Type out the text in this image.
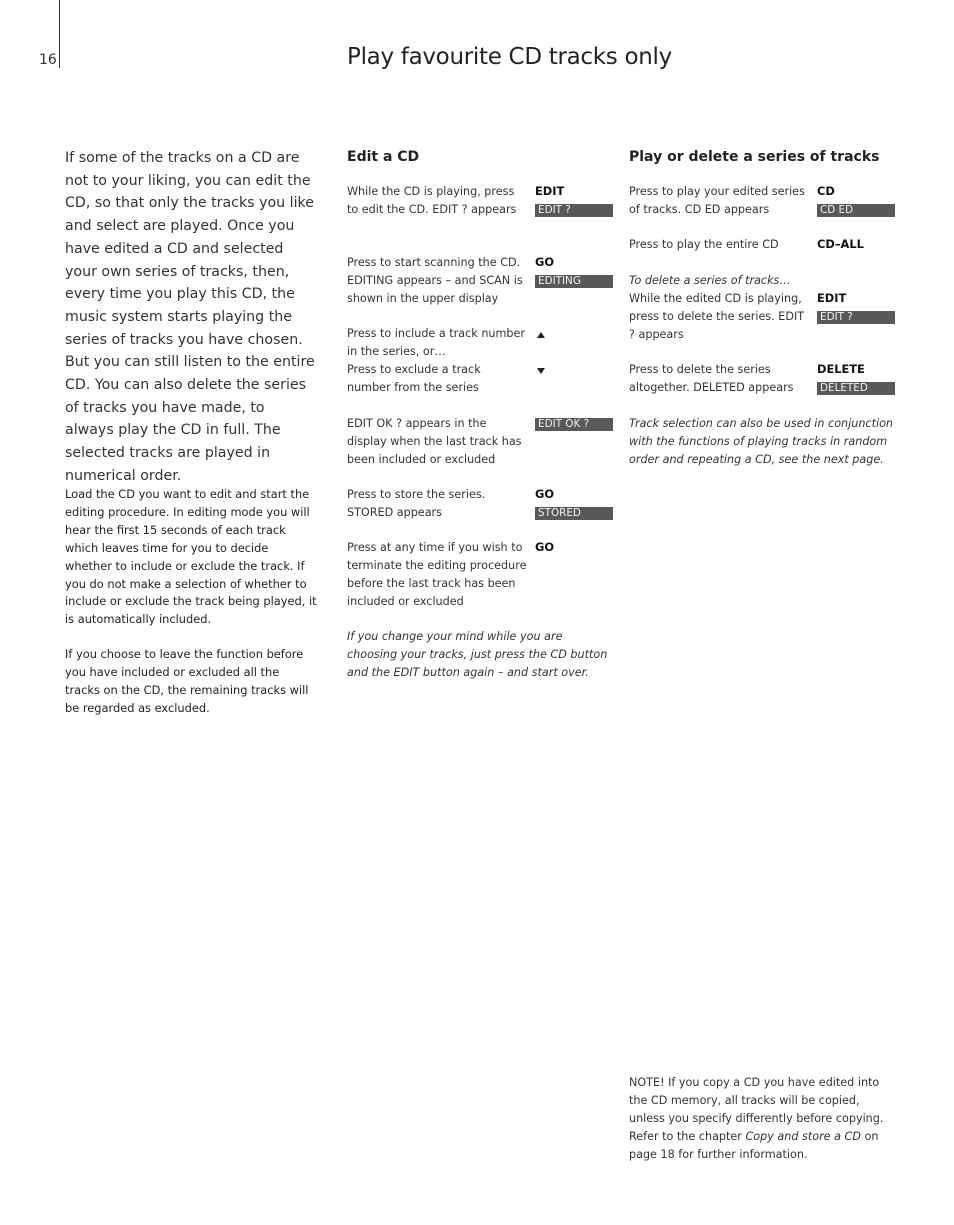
16	Play favourite CD tracks only
If some of the tracks on a CD are not to your liking, you can edit the CD, so that only the tracks you like and select are played. Once you have edited a CD and selected your own series of tracks, then, every time you play this CD, the music system starts playing the series of tracks you have chosen. But you can still listen to the entire CD. You can also delete the series of tracks you have made, to always play the CD in full. The selected tracks are played in numerical order.
Load the CD you want to edit and start the editing procedure. In editing mode you will hear the first 15 seconds of each track which leaves time for you to decide whether to include or exclude the track. If you do not make a selection of whether to include or exclude the track being played, it is automatically included.
If you choose to leave the function before you have included or excluded all the tracks on the CD, the remaining tracks will be regarded as excluded.
Edit a CD
While the CD is playing, press to edit the CD. EDIT ? appears
EDIT
EDIT ?
Press to start scanning the CD. EDITING appears – and SCAN is shown in the upper display
GO
EDITING
Press to include a track number in the series, or…
Press to exclude a track number from the series
EDIT OK ? appears in the display when the last track has been included or excluded
EDIT OK ?
Press to store the series. STORED appears
GO
STORED
Press at any time if you wish to terminate the editing procedure before the last track has been included or excluded
GO
If you change your mind while you are choosing your tracks, just press the CD button and the EDIT button again – and start over.
Play or delete a series of tracks
Press to play your edited series of tracks. CD ED appears
CD
CD ED
Press to play the entire CD	CD–ALL
To delete a series of tracks…
While the edited CD is playing, press to delete the series. EDIT ? appears
EDIT
EDIT ?
Press to delete the series altogether. DELETED appears
DELETE
DELETED
Track selection can also be used in conjunction with the functions of playing tracks in random order and repeating a CD, see the next page.
NOTE! If you copy a CD you have edited into the CD memory, all tracks will be copied, unless you specify differently before copying. Refer to the chapter Copy and store a CD on page 18 for further information.
